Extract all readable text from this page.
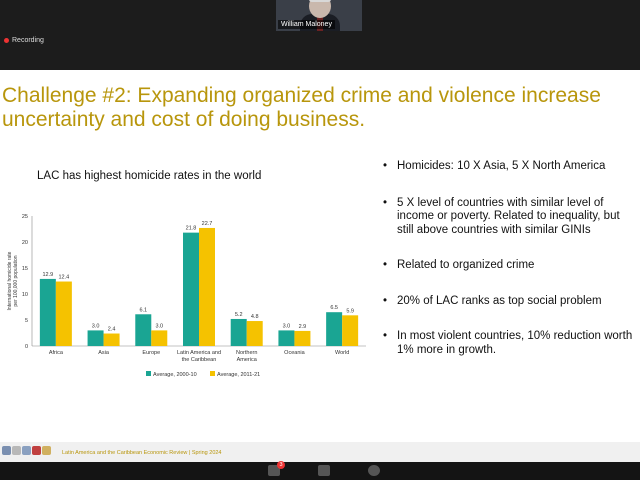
William Maloney
Recording
Challenge #2: Expanding organized crime and violence increase uncertainty and cost of doing business.
LAC has highest homicide rates in the world
• Homicides: 10 X Asia, 5 X North America
• 5 X level of countries with similar level of income or poverty. Related to inequality, but still above countries with similar GINIs
• Related to organized crime
• 20% of LAC ranks as top social problem
• In most violent countries, 10% reduction worth 1% more in growth.
Latin America and the Caribbean Economic Review | Spring 2024
0
5
10
15
20
25
International homicide rate per 100,000 population	12.9 12.4
Africa
3.0
2.4
Asia
6.1
3.0
Europe
21.8
22.7
Latin America and
the Caribbean
5.2 4.8
Northern
America
3.0 2.9
Oceania
6.5
5.9
World
Average, 2000-10	Average, 2011-21
3
